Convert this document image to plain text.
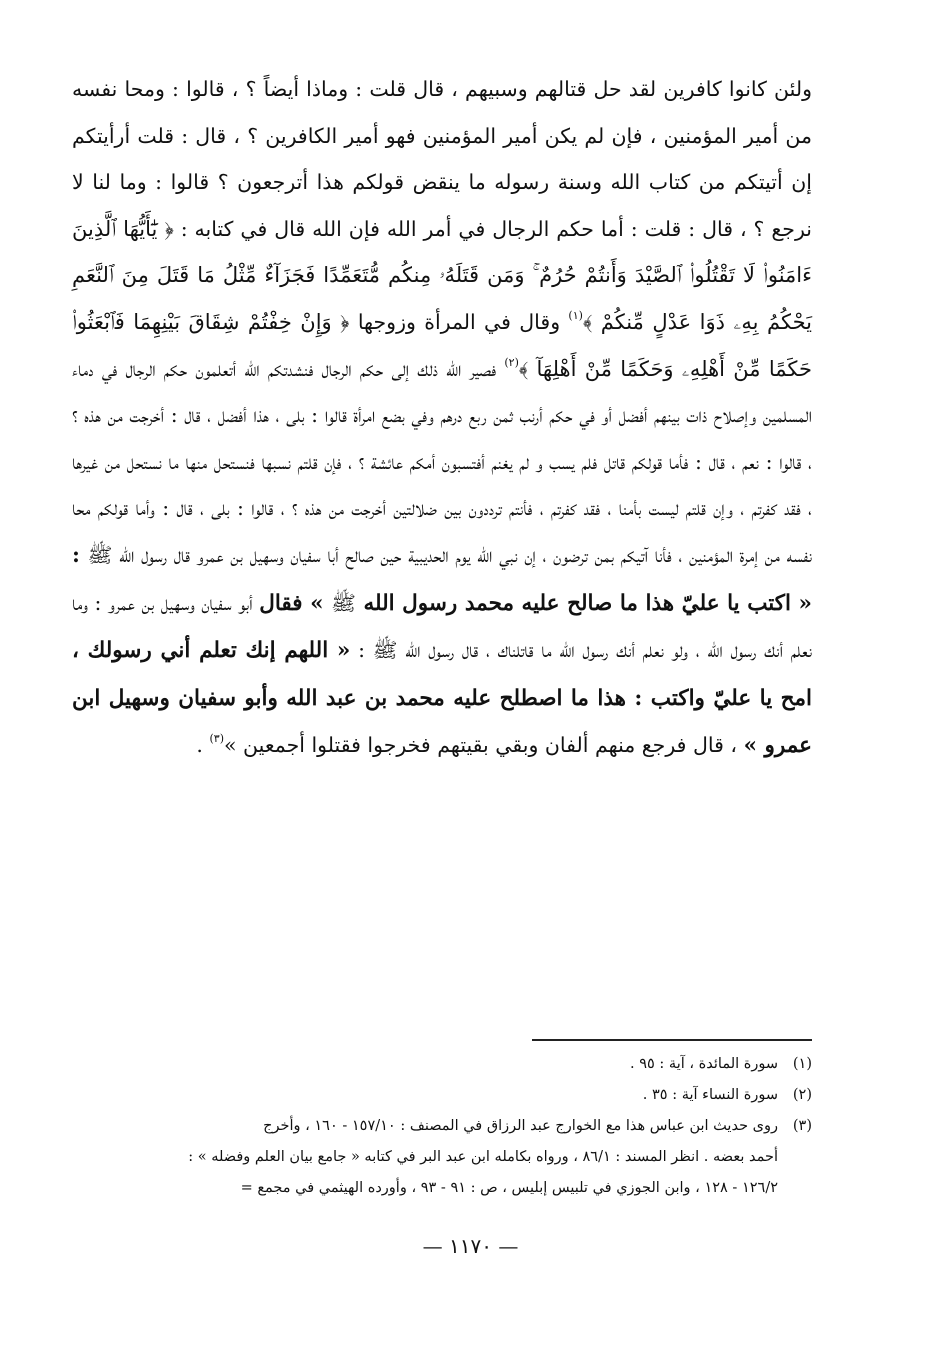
ولئن كانوا كافرين لقد حل قتالهم وسبيهم ، قال قلت : وماذا أيضاً ؟ ، قالوا : ومحا نفسه من أمير المؤمنين ، فإن لم يكن أمير المؤمنين فهو أمير الكافرين ؟ ، قال : قلت أرأيتكم إن أتيتكم من كتاب الله وسنة رسوله ما ينقض قولكم هذا أترجعون ؟ قالوا : وما لنا لا نرجع ؟ ، قال : قلت : أما حكم الرجال في أمر الله فإن الله قال في كتابه : ﴿ يَٰٓأَيُّهَا ٱلَّذِينَ ءَامَنُوا۟ لَا تَقْتُلُوا۟ ٱلصَّيْدَ وَأَنتُمْ حُرُمٌ ۚ وَمَن قَتَلَهُۥ مِنكُم مُّتَعَمِّدًا فَجَزَآءٌ مِّثْلُ مَا قَتَلَ مِنَ ٱلنَّعَمِ يَحْكُمُ بِهِۦ ذَوَا عَدْلٍ مِّنكُمْ ﴾$^{(١)}$ وقال في المرأة وزوجها ﴿ وَإِنْ خِفْتُمْ شِقَاقَ بَيْنِهِمَا فَٱبْعَثُوا۟ حَكَمًا مِّنْ أَهْلِهِۦ وَحَكَمًا مِّنْ أَهْلِهَآ ﴾$^{(٢)}$ فصير الله ذلك إلى حكم الرجال فنشدتكم الله أتعلمون حكم الرجال في دماء المسلمين وإصلاح ذات بينهم أفضل أو في حكم أرنب ثمن ربع درهم وفي بضع امرأة قالوا : بلى ، هذا أفضل ، قال : أخرجت من هذه ؟ ، قالوا : نعم ، قال : فأما قولكم قاتل فلم يسب و لم يغنم أفتسبون أمكم عائشة ؟ ، فإن قلتم نسبها فنستحل منها ما نستحل من غيرها ، فقد كفرتم ، وإن قلتم ليست بأمنا ، فقد كفرتم ، فأنتم ترددون بين ضلالتين أخرجت من هذه ؟ ، قالوا : بلى ، قال : وأما قولكم محا نفسه من إمرة المؤمنين ، فأنا آتيكم بمن ترضون ، إن نبي الله يوم الحديبية حين صالح أبا سفيان وسهيل بن عمرو قال رسول الله ﷺ : « اكتب يا عليّ هذا ما صالح عليه محمد رسول الله ﷺ » فقال أبو سفيان وسهيل بن عمرو : وما نعلم أنك رسول الله ، ولو نعلم أنك رسول الله ما قاتلناك ، قال رسول الله ﷺ : « اللهم إنك تعلم أني رسولك ، امح يا عليّ واكتب : هذا ما اصطلح عليه محمد بن عبد الله وأبو سفيان وسهيل ابن عمرو » ، قال فرجع منهم ألفان وبقي بقيتهم فخرجوا فقتلوا أجمعين »$^{(٣)}$ .

(١)سورة المائدة ، آية : ٩٥ .

(٢)سورة النساء آية : ٣٥ .

(٣)روى حديث ابن عباس هذا مع الخوارج عبد الرزاق في المصنف : ١٥٧/١٠ - ١٦٠ ، وأخرج

أحمد بعضه . انظر المسند : ٨٦/١ ، ورواه بكامله ابن عبد البر في كتابه « جامع بيان العلم وفضله » :

١٢٦/٢ - ١٢٨ ، وابن الجوزي في تلبيس إبليس ، ص : ٩١ - ٩٣ ، وأورده الهيثمي في مجمع =

— ١١٧٠ —
